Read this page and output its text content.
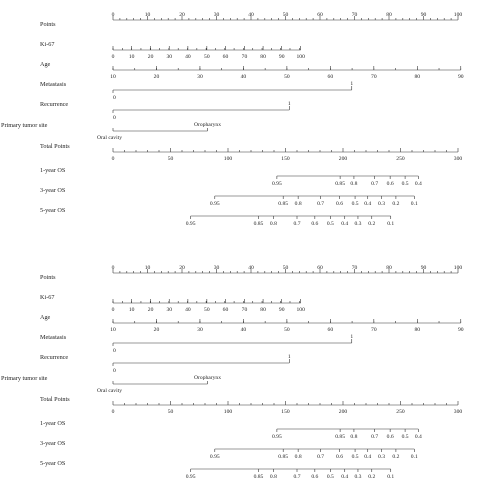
Points
0	10	20	30	40	50	60	70	80	90	100
Ki-67
0	10 20 30 40 50 60 70 80 90 100
Age
10	20	30	40	50	60	70	80	90
Metastasis
0
1
Recurrence
0
1
Primary tumor site
Oral cavity
Oropharynx
Total Points
0	50	100	150	200	250	300
1-year OS
0.95	0.85 0.8 0.7 0.6 0.5 0.4
3-year OS
0.95	0.85 0.8	0.7 0.6 0.5 0.4 0.3 0.2 0.1
5-year OS
0.95	0.85 0.8	0.7 0.6 0.5 0.4 0.3 0.2 0.1
Points
0	10	20	30	40	50	60	70	80	90	100
Ki-67
0	10 20 30 40 50 60 70 80 90 100
Age
10	20	30	40	50	60	70	80	90
Metastasis
0
1
Recurrence
0
1
Primary tumor site
Oral cavity
Oropharynx
Total Points
0	50	100	150	200	250	300
1-year OS
0.95	0.85 0.8 0.7 0.6 0.5 0.4
3-year OS
0.95	0.85 0.8	0.7 0.6 0.5 0.4 0.3 0.2 0.1
5-year OS
0.95	0.85 0.8	0.7 0.6 0.5 0.4 0.3 0.2 0.1
